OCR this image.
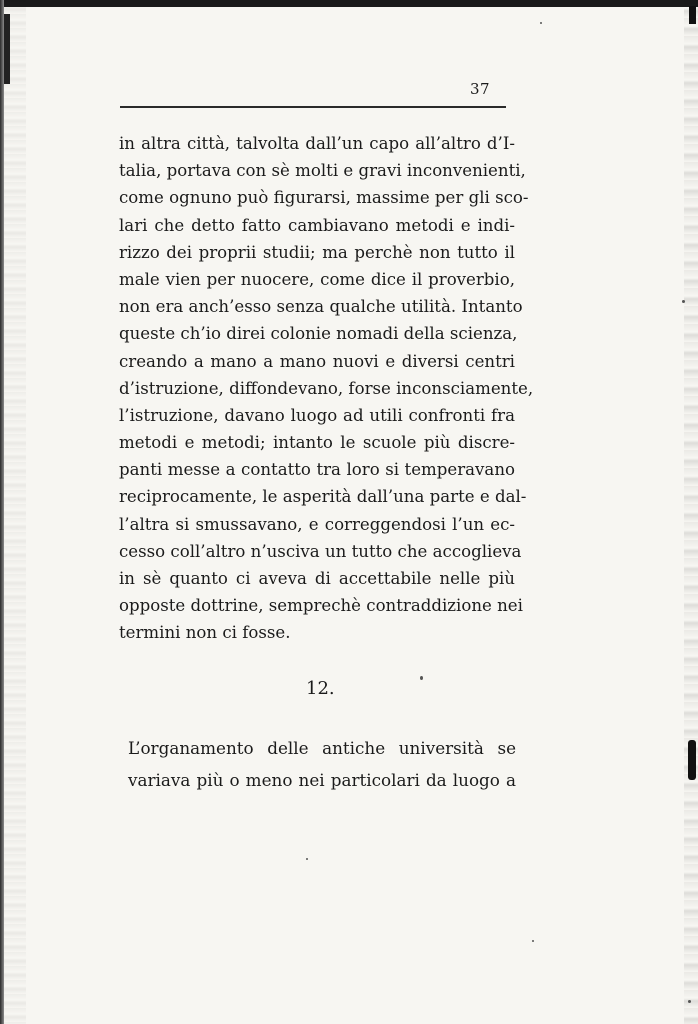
37
in altra città, talvolta dall’un capo all’altro d’I-
talia, portava con sè molti e gravi inconvenienti,
come ognuno può figurarsi, massime per gli sco-
lari che detto fatto cambiavano metodi e indi-
rizzo dei proprii studii; ma perchè non tutto il
male vien per nuocere, come dice il proverbio,
non era anch’esso senza qualche utilità. Intanto
queste ch’io direi colonie nomadi della scienza,
creando a mano a mano nuovi e diversi centri
d’istruzione, diffondevano, forse inconsciamente,
l’istruzione, davano luogo ad utili confronti fra
metodi e metodi; intanto le scuole più discre-
panti messe a contatto tra loro si temperavano
reciprocamente, le asperità dall’una parte e dal-
l’altra si smussavano, e correggendosi l’un ec-
cesso coll’altro n’usciva un tutto che accoglieva
in sè quanto ci aveva di accettabile nelle più
opposte dottrine, semprechè contraddizione nei
termini non ci fosse.
12.
L’organamento delle antiche università se
variava più o meno nei particolari da luogo a
